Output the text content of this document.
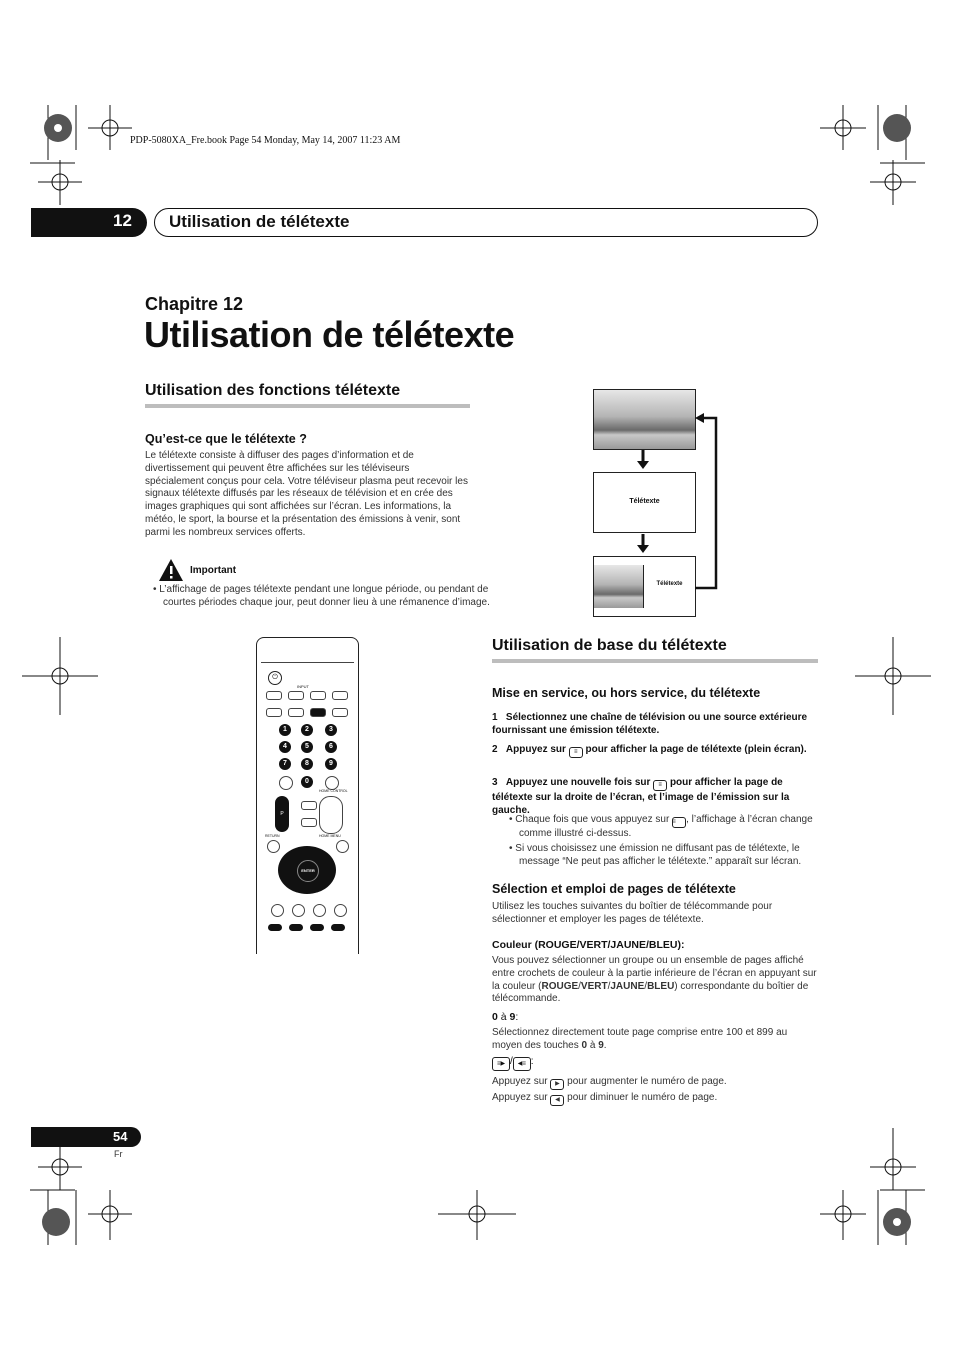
PDP-5080XA_Fre.book Page 54 Monday, May 14, 2007 11:23 AM
12	Utilisation de télétexte
Chapitre 12
Utilisation de télétexte
Utilisation des fonctions télétexte
Qu’est-ce que le télétexte ?
Le télétexte consiste à diffuser des pages d’information et de divertissement qui peuvent être affichées sur les téléviseurs spécialement conçus pour cela. Votre téléviseur plasma peut recevoir les signaux télétexte diffusés par les réseaux de télévision et en crée des images graphiques qui sont affichées sur l’écran. Les informations, la météo, le sport, la bourse et la présentation des émissions à venir, sont parmi les nombreux services offerts.
Important
• L’affichage de pages télétexte pendant une longue période, ou pendant de courtes périodes chaque jour, peut donner lieu à une rémanence d’image.
Télétexte
Télétexte
⏻
INPUT
1	2	3
4	5	6
7	8	9
0
HOME CONTROL
P
RETURN	HOME MENU
ENTER
Utilisation de base du télétexte
Mise en service, ou hors service, du télétexte
1 Sélectionnez une chaîne de télévision ou une source extérieure fournissant une émission télétexte.
2 Appuyez sur ≡ pour afficher la page de télétexte (plein écran).
3 Appuyez une nouvelle fois sur ≡ pour afficher la page de télétexte sur la droite de l’écran, et l’image de l’émission sur la gauche.
• Chaque fois que vous appuyez sur ≡ , l’affichage à l’écran change comme illustré ci-dessus.
• Si vous choisissez une émission ne diffusant pas de télétexte, le message “Ne peut pas afficher le télétexte.” apparaît sur lécran.
Sélection et emploi de pages de télétexte
Utilisez les touches suivantes du boîtier de télécommande pour sélectionner et employer les pages de télétexte.
Couleur (ROUGE/VERT/JAUNE/BLEU):
Vous pouvez sélectionner un groupe ou un ensemble de pages affiché entre crochets de couleur à la partie inférieure de l’écran en appuyant sur la couleur (ROUGE/VERT/JAUNE/BLEU) correspondante du boîtier de télécommande.
0 à 9:
Sélectionnez directement toute page comprise entre 100 et 899 au moyen des touches 0 à 9.
≡▶ / ◀≡ :
Appuyez sur ▶ pour augmenter le numéro de page.
Appuyez sur ◀ pour diminuer le numéro de page.
54
Fr
